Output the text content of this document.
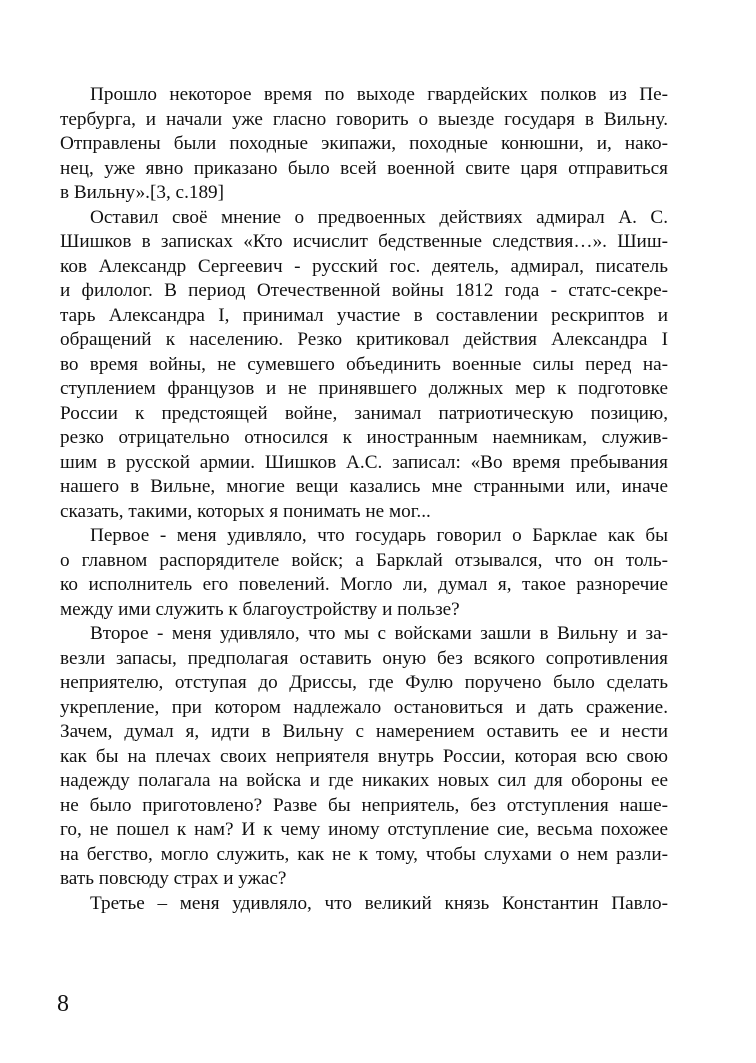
Прошло некоторое время по выходе гвардейских полков из Пе-
тербурга, и начали уже гласно говорить о выезде государя в Вильну.
Отправлены были походные экипажи, походные конюшни, и, нако-
нец, уже явно приказано было всей военной свите царя отправиться
в Вильну».[3, с.189]
Оставил своё мнение о предвоенных действиях адмирал А. С.
Шишков в записках «Кто исчислит бедственные следствия…». Шиш-
ков Александр Сергеевич - русский гос. деятель, адмирал, писатель
и филолог. В период Отечественной войны 1812 года - статс-секре-
тарь Александра I, принимал участие в составлении рескриптов и
обращений к населению. Резко критиковал действия Александра I
во время войны, не сумевшего объединить военные силы перед на-
ступлением французов и не принявшего должных мер к подготовке
России к предстоящей войне, занимал патриотическую позицию,
резко отрицательно относился к иностранным наемникам, служив-
шим в русской армии. Шишков А.С. записал: «Во время пребывания
нашего в Вильне, многие вещи казались мне странными или, иначе
сказать, такими, которых я понимать не мог...
Первое - меня удивляло, что государь говорил о Барклае как бы
о главном распорядителе войск; а Барклай отзывался, что он толь-
ко исполнитель его повелений. Могло ли, думал я, такое разноречие
между ими служить к благоустройству и пользе?
Второе - меня удивляло, что мы с войсками зашли в Вильну и за-
везли запасы, предполагая оставить оную без всякого сопротивления
неприятелю, отступая до Дриссы, где Фулю поручено было сделать
укрепление, при котором надлежало остановиться и дать сражение.
Зачем, думал я, идти в Вильну с намерением оставить ее и нести
как бы на плечах своих неприятеля внутрь России, которая всю свою
надежду полагала на войска и где никаких новых сил для обороны ее
не было приготовлено? Разве бы неприятель, без отступления наше-
го, не пошел к нам? И к чему иному отступление сие, весьма похожее
на бегство, могло служить, как не к тому, чтобы слухами о нем разли-
вать повсюду страх и ужас?
Третье – меня удивляло, что великий князь Константин Павло-
8
